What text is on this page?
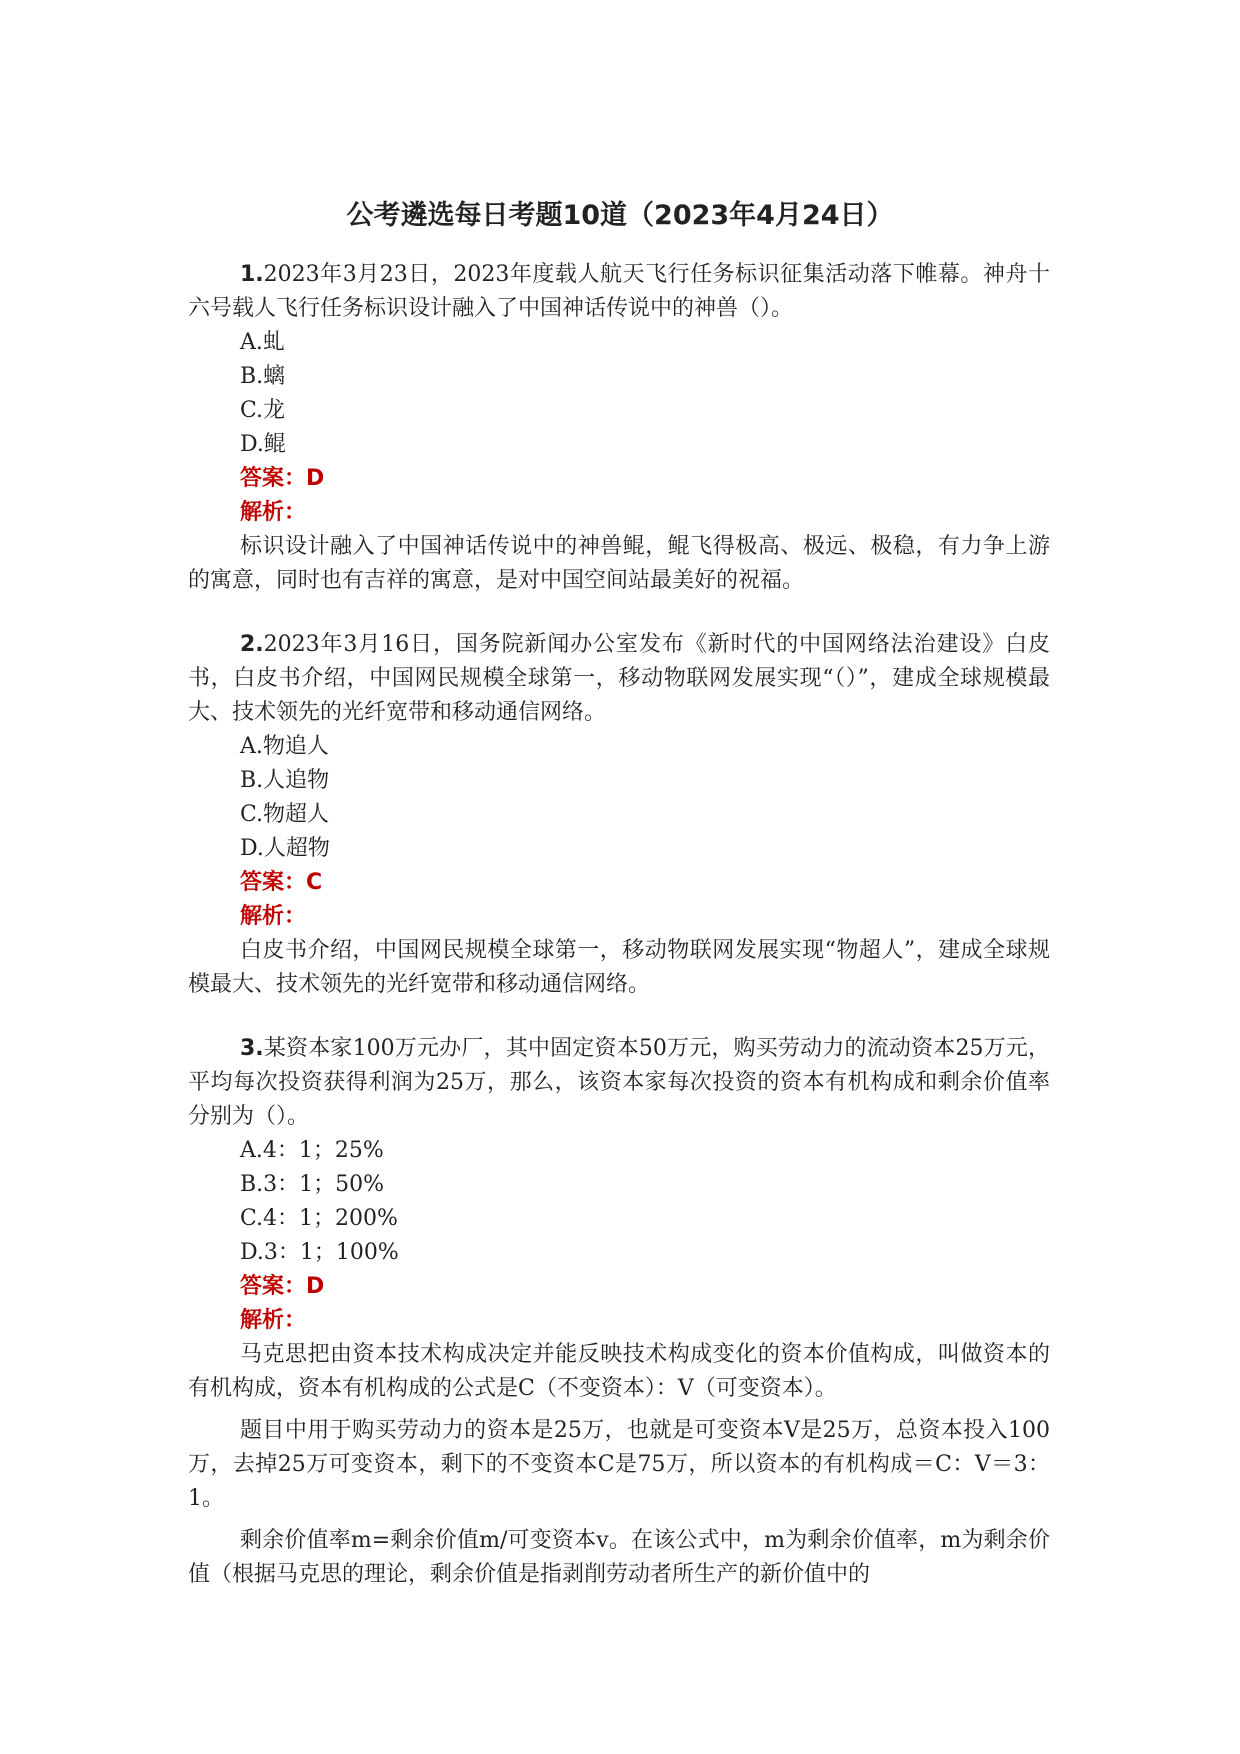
公考遴选每日考题10道（2023年4月24日）

1.2023年3月23日，2023年度载人航天飞行任务标识征集活动落下帷幕。神舟十六号载人飞行任务标识设计融入了中国神话传说中的神兽（）。

A.虬

B.螭

C.龙

D.鲲

答案：D

解析：

标识设计融入了中国神话传说中的神兽鲲，鲲飞得极高、极远、极稳，有力争上游的寓意，同时也有吉祥的寓意，是对中国空间站最美好的祝福。

2.2023年3月16日，国务院新闻办公室发布《新时代的中国网络法治建设》白皮书，白皮书介绍，中国网民规模全球第一，移动物联网发展实现“（）”，建成全球规模最大、技术领先的光纤宽带和移动通信网络。

A.物追人

B.人追物

C.物超人

D.人超物

答案：C

解析：

白皮书介绍，中国网民规模全球第一，移动物联网发展实现“物超人”，建成全球规模最大、技术领先的光纤宽带和移动通信网络。

3.某资本家100万元办厂，其中固定资本50万元，购买劳动力的流动资本25万元，平均每次投资获得利润为25万，那么，该资本家每次投资的资本有机构成和剩余价值率分别为（）。

A.4：1；25%

B.3：1；50%

C.4：1；200%

D.3：1；100%

答案：D

解析：

马克思把由资本技术构成决定并能反映技术构成变化的资本价值构成，叫做资本的有机构成，资本有机构成的公式是C（不变资本）：V（可变资本）。

题目中用于购买劳动力的资本是25万，也就是可变资本V是25万，总资本投入100万，去掉25万可变资本，剩下的不变资本C是75万，所以资本的有机构成＝C：V＝3：1。

剩余价值率m=剩余价值m/可变资本v。在该公式中，m为剩余价值率，m为剩余价值（根据马克思的理论，剩余价值是指剥削劳动者所生产的新价值中的
